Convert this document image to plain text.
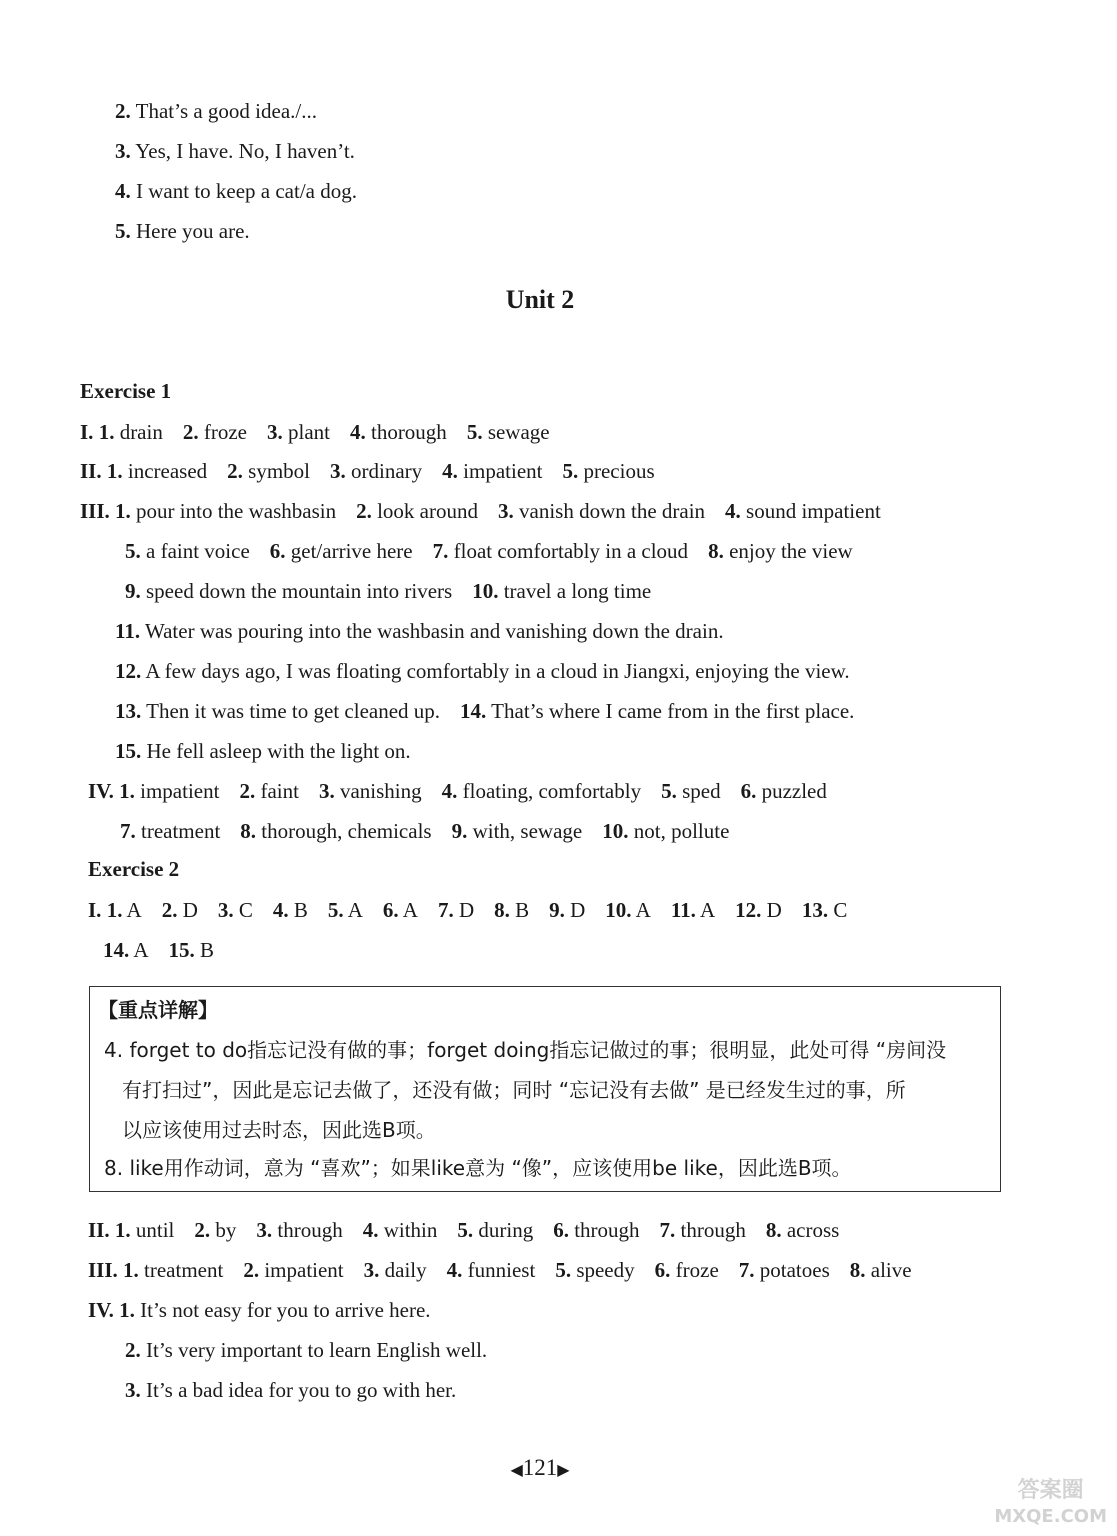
2. That’s a good idea./...
3. Yes, I have. No, I haven’t.
4. I want to keep a cat/a dog.
5. Here you are.
Unit 2
Exercise 1
I. 1. drain 2. froze 3. plant 4. thorough 5. sewage
II. 1. increased 2. symbol 3. ordinary 4. impatient 5. precious
III. 1. pour into the washbasin 2. look around 3. vanish down the drain 4. sound impatient
5. a faint voice 6. get/arrive here 7. float comfortably in a cloud 8. enjoy the view
9. speed down the mountain into rivers 10. travel a long time
11. Water was pouring into the washbasin and vanishing down the drain.
12. A few days ago, I was floating comfortably in a cloud in Jiangxi, enjoying the view.
13. Then it was time to get cleaned up. 14. That’s where I came from in the first place.
15. He fell asleep with the light on.
IV. 1. impatient 2. faint 3. vanishing 4. floating, comfortably 5. sped 6. puzzled
7. treatment 8. thorough, chemicals 9. with, sewage 10. not, pollute
Exercise 2
I. 1. A 2. D 3. C 4. B 5. A 6. A 7. D 8. B 9. D 10. A 11. A 12. D 13. C
14. A 15. B
【重点详解】
4. forget to do指忘记没有做的事；forget doing指忘记做过的事；很明显，此处可得 “房间没
有打扫过”，因此是忘记去做了，还没有做；同时 “忘记没有去做” 是已经发生过的事，所
以应该使用过去时态，因此选B项。
8. like用作动词，意为 “喜欢”；如果like意为 “像”，应该使用be like，因此选B项。
II. 1. until 2. by 3. through 4. within 5. during 6. through 7. through 8. across
III. 1. treatment 2. impatient 3. daily 4. funniest 5. speedy 6. froze 7. potatoes 8. alive
IV. 1. It’s not easy for you to arrive here.
2. It’s very important to learn English well.
3. It’s a bad idea for you to go with her.
◀121▶
答案圈
MXQE.COM
